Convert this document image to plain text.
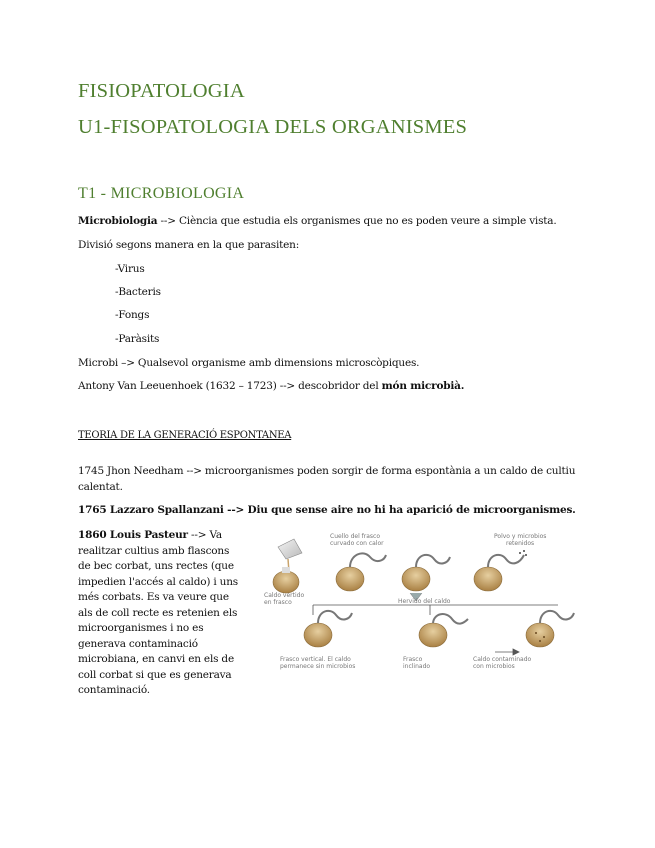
FISIOPATOLOGIA
U1-FISOPATOLOGIA DELS ORGANISMES
T1 - MICROBIOLOGIA
Microbiologia --> Ciència que estudia els organismes que no es poden veure a simple vista.
Divisió segons manera en la que parasiten:
-Virus
-Bacteris
-Fongs
-Paràsits
Microbi –> Qualsevol organisme amb dimensions microscòpiques.
Antony Van Leeuenhoek (1632 – 1723) --> descobridor del món microbià.
TEORIA DE LA GENERACIÓ ESPONTANEA
1745 Jhon Needham --> microorganismes poden sorgir de forma espontània a un caldo de cultiu
calentat.
1765 Lazzaro Spallanzani --> Diu que sense aire no hi ha aparició de microorganismes.
1860 Louis Pasteur --> Va
realitzar cultius amb flascons
de bec corbat, uns rectes (que
impedien l'accés al caldo) i uns
més corbats. Es va veure que
als de coll recte es retenien els
microorganismes i no es
generava contaminació
microbiana, en canvi en els de
coll corbat si que es generava
contaminació.
Cuello del frasco
curvado con calor
Polvo y microbios
retenidos
Caldo vertido
en frasco	Hervido del caldo
Frasco vertical. El caldo
permanece sin microbios
Frasco
inclinado
Caldo contaminado
con microbios
